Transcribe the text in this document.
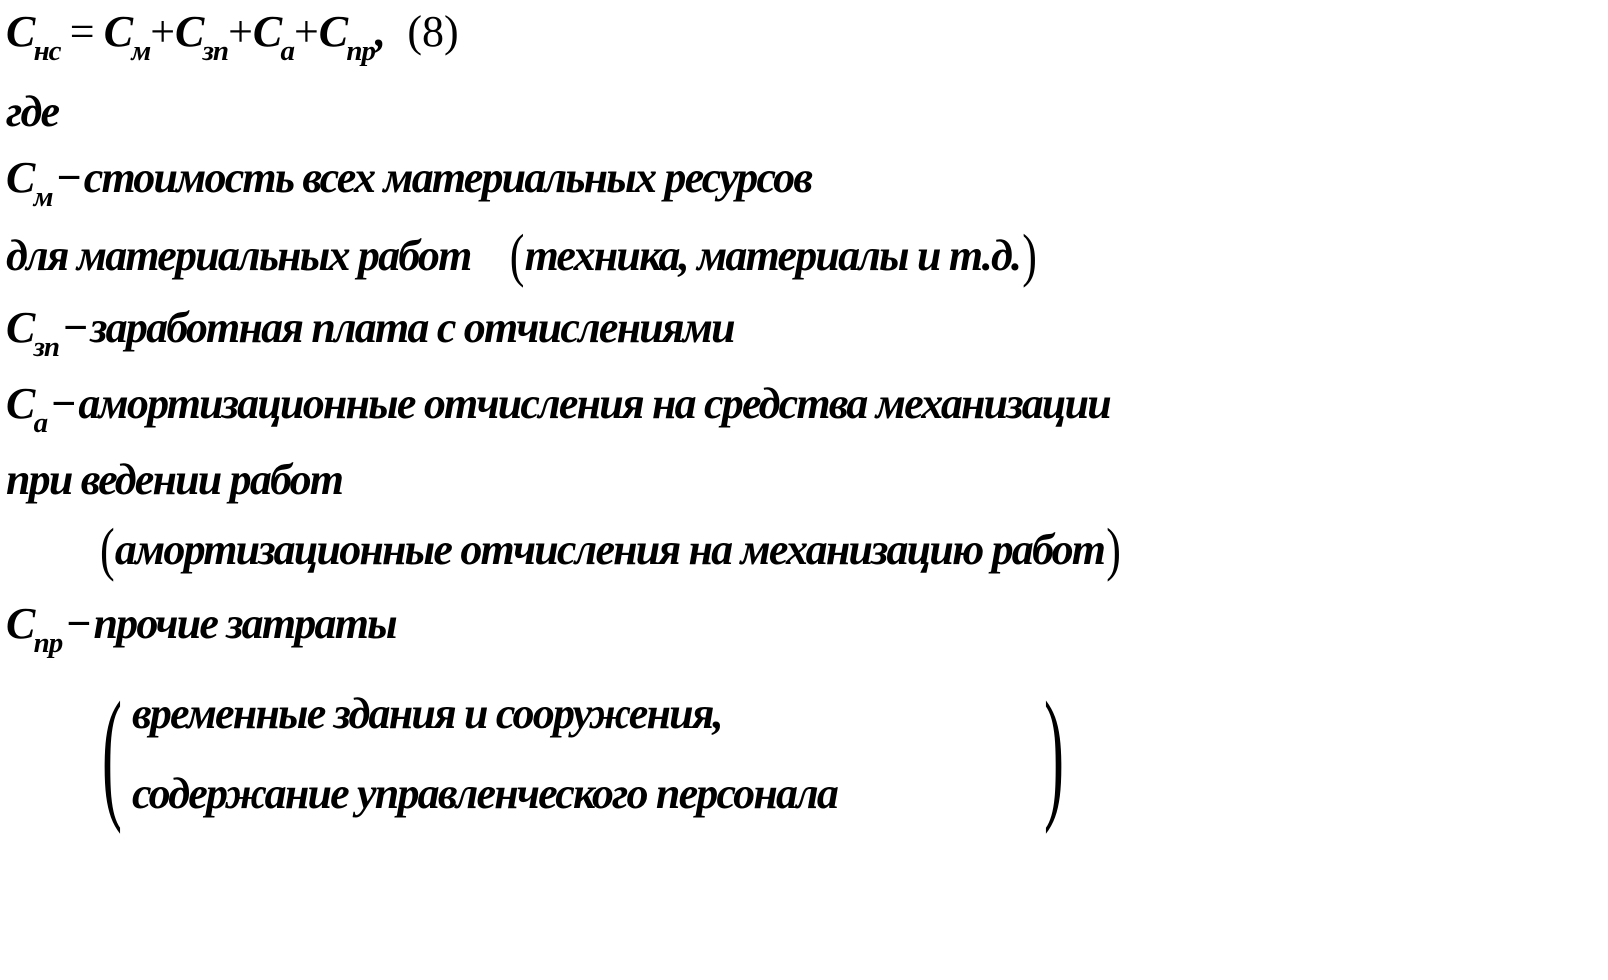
$C_{нс} = C_м+C_{зп}+C_a+C_{пр}$, (8)
где
$C_м-стоимость$ всех материальных ресурсов
для материальных работ (техника, материалы и т.д.)
$C_{зп}-заработная$ плата с отчислениями
$C_a-амортизационные$ отчисления на средства механизации
при ведении работ
(амортизационные отчисления на механизацию работ)
$C_{пр}-прочие$ затраты
( временные здания и сооружения,
содержание управленческого персонала	)
